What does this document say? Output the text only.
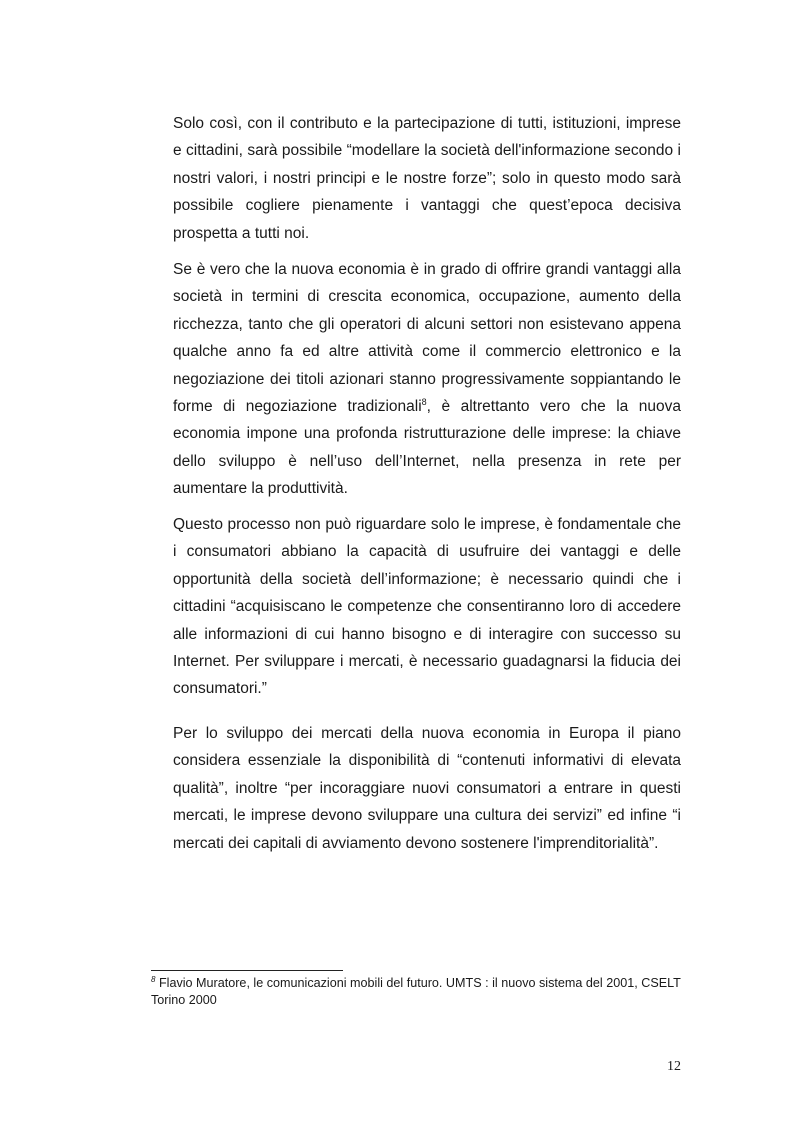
Solo così, con il contributo e la partecipazione di tutti, istituzioni, imprese e cittadini, sarà possibile “modellare la società dell'informazione secondo i nostri valori, i nostri principi e le nostre forze”; solo in questo modo sarà possibile cogliere pienamente i vantaggi che quest’epoca decisiva prospetta a tutti noi.

Se è vero che la nuova economia è in grado di offrire grandi vantaggi alla società in termini di crescita economica, occupazione, aumento della ricchezza, tanto che gli operatori di alcuni settori non esistevano appena qualche anno fa ed altre attività come il commercio elettronico e la negoziazione dei titoli azionari stanno progressivamente soppiantando le forme di negoziazione tradizionali$^8$, è altrettanto vero che la nuova economia impone una profonda ristrutturazione delle imprese: la chiave dello sviluppo è nell’uso dell’Internet, nella presenza in rete per aumentare la produttività.

Questo processo non può riguardare solo le imprese, è fondamentale che i consumatori abbiano la capacità di usufruire dei vantaggi e delle opportunità della società dell’informazione; è necessario quindi che i cittadini “acquisiscano le competenze che consentiranno loro di accedere alle informazioni di cui hanno bisogno e di interagire con successo su Internet. Per sviluppare i mercati, è necessario guadagnarsi la fiducia dei consumatori.”

Per lo sviluppo dei mercati della nuova economia in Europa il piano considera essenziale la disponibilità di “contenuti informativi di elevata qualità”, inoltre “per incoraggiare nuovi consumatori a entrare in questi mercati, le imprese devono sviluppare una cultura dei servizi” ed infine “i mercati dei capitali di avviamento devono sostenere l'imprenditorialità”.

$^8$ Flavio Muratore, le comunicazioni mobili del futuro. UMTS : il nuovo sistema del 2001, CSELT Torino 2000

12
